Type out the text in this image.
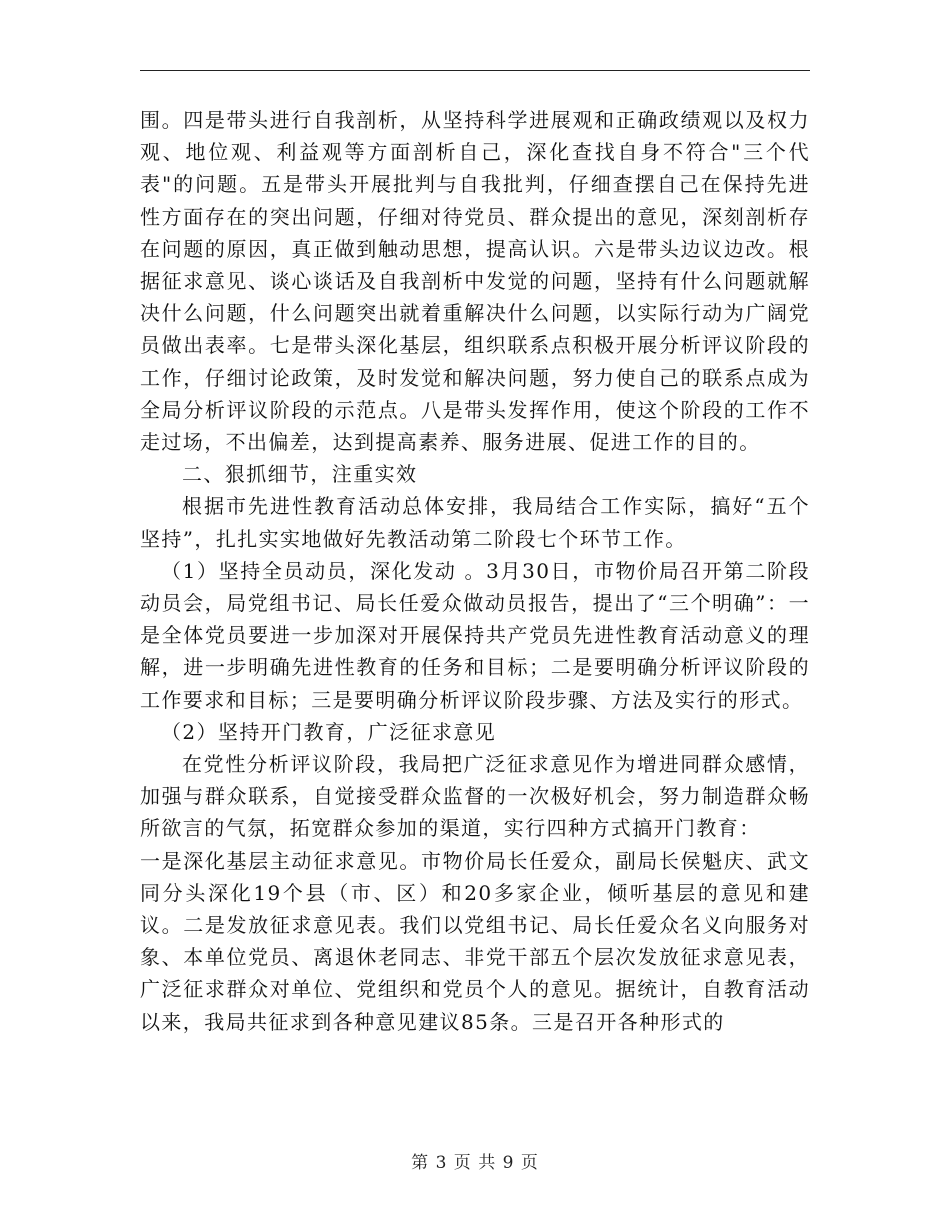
围。四是带头进行自我剖析，从坚持科学进展观和正确政绩观以及权力观、地位观、利益观等方面剖析自己，深化查找自身不符合"三个代表"的问题。五是带头开展批判与自我批判，仔细查摆自己在保持先进性方面存在的突出问题，仔细对待党员、群众提出的意见，深刻剖析存在问题的原因，真正做到触动思想，提高认识。六是带头边议边改。根据征求意见、谈心谈话及自我剖析中发觉的问题，坚持有什么问题就解决什么问题，什么问题突出就着重解决什么问题，以实际行动为广阔党员做出表率。七是带头深化基层，组织联系点积极开展分析评议阶段的工作，仔细讨论政策，及时发觉和解决问题，努力使自己的联系点成为全局分析评议阶段的示范点。八是带头发挥作用，使这个阶段的工作不走过场，不出偏差，达到提高素养、服务进展、促进工作的目的。

二、狠抓细节，注重实效

根据市先进性教育活动总体安排，我局结合工作实际，搞好“五个坚持”，扎扎实实地做好先教活动第二阶段七个环节工作。

（1）坚持全员动员，深化发动 。3月30日，市物价局召开第二阶段动员会，局党组书记、局长任爱众做动员报告，提出了“三个明确”：一是全体党员要进一步加深对开展保持共产党员先进性教育活动意义的理解，进一步明确先进性教育的任务和目标；二是要明确分析评议阶段的工作要求和目标；三是要明确分析评议阶段步骤、方法及实行的形式。

（2）坚持开门教育，广泛征求意见

在党性分析评议阶段，我局把广泛征求意见作为增进同群众感情，加强与群众联系，自觉接受群众监督的一次极好机会，努力制造群众畅所欲言的气氛，拓宽群众参加的渠道，实行四种方式搞开门教育：

一是深化基层主动征求意见。市物价局长任爱众，副局长侯魁庆、武文同分头深化19个县（市、区）和20多家企业，倾听基层的意见和建议。二是发放征求意见表。我们以党组书记、局长任爱众名义向服务对象、本单位党员、离退休老同志、非党干部五个层次发放征求意见表，广泛征求群众对单位、党组织和党员个人的意见。据统计，自教育活动以来，我局共征求到各种意见建议85条。三是召开各种形式的

第 3 页 共 9 页
